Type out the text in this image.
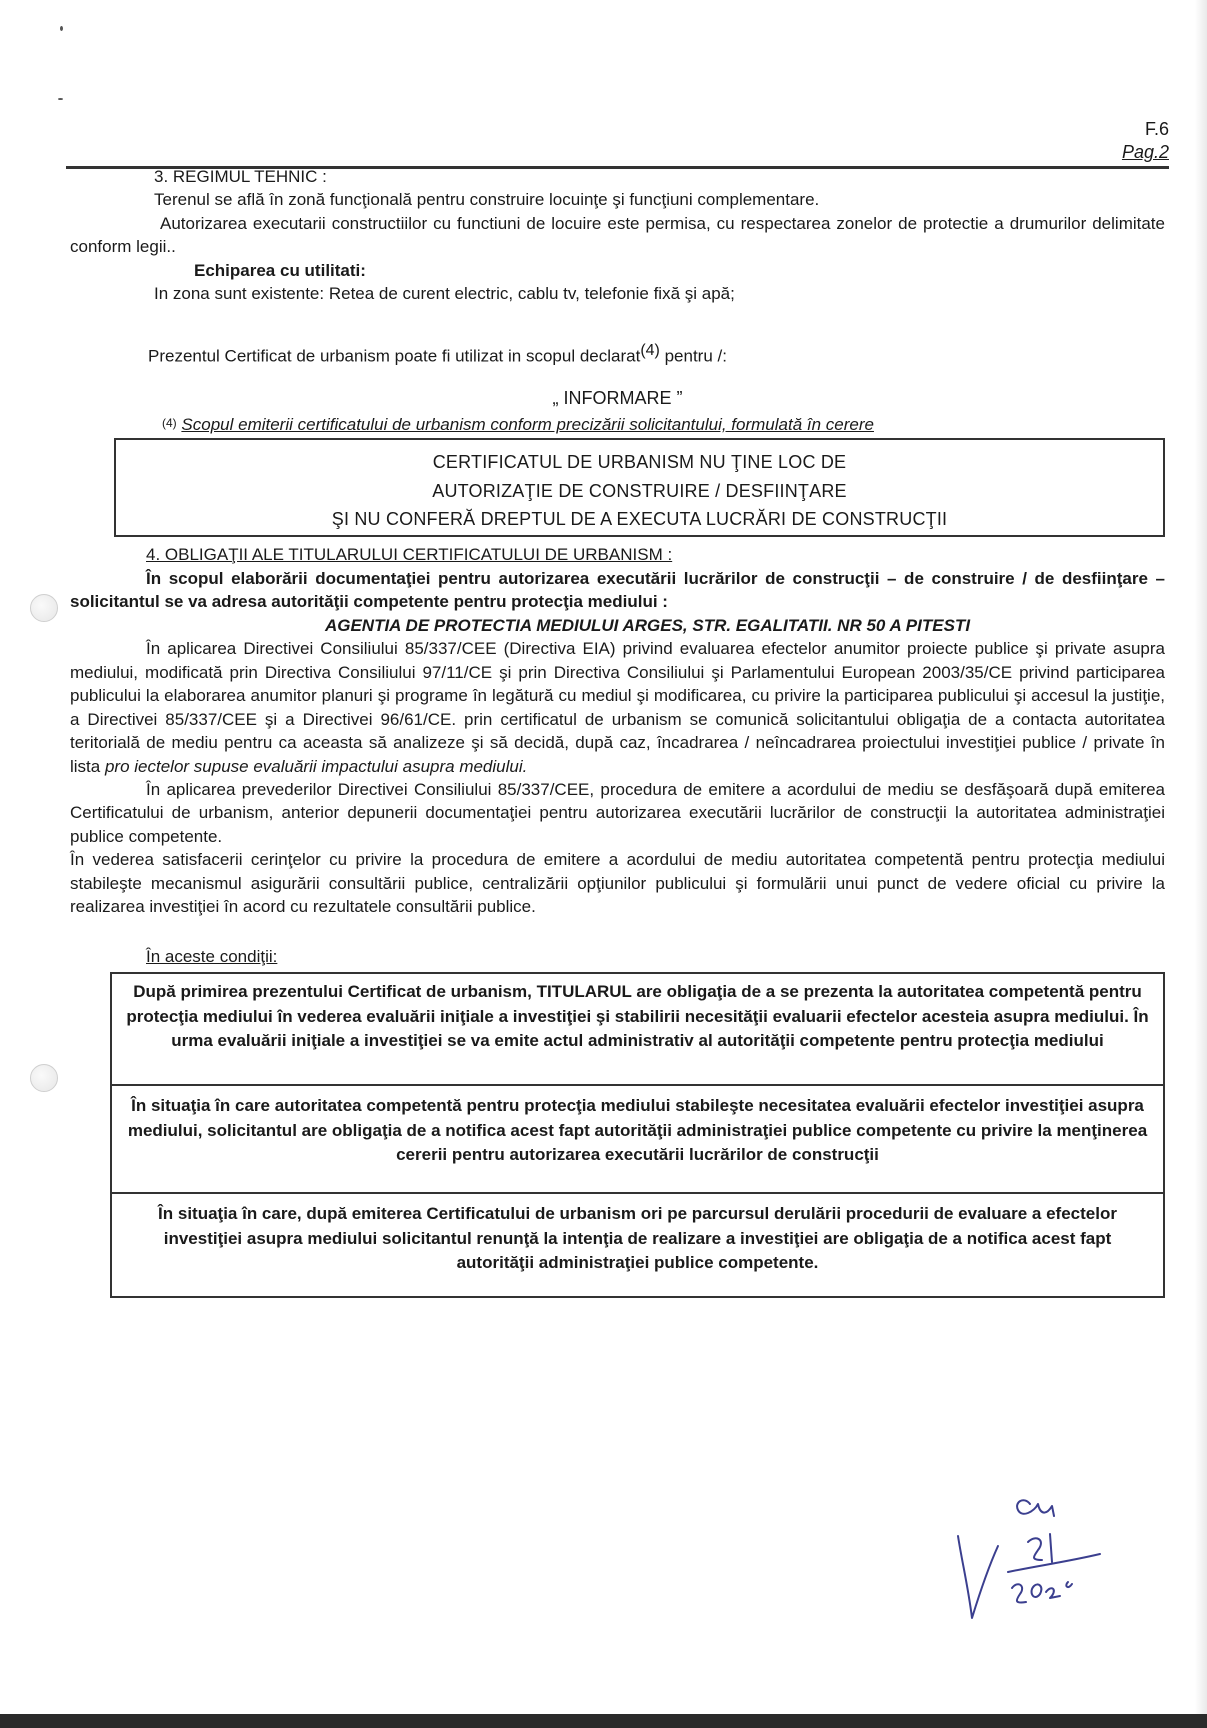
F.6
Pag.2

3. REGIMUL TEHNIC :

Terenul se află în zonă funcţională pentru construire locuinţe şi funcţiuni complementare.

Autorizarea executarii constructiilor cu functiuni de locuire este permisa, cu respectarea zonelor de protectie a drumurilor delimitate conform legii..

Echiparea cu utilitati:

In zona sunt existente: Retea de curent electric, cablu tv, telefonie fixă şi apă;

Prezentul Certificat de urbanism poate fi utilizat in scopul declarat$^{(4)}$ pentru /:

„ INFORMARE ”

(4) Scopul emiterii certificatului de urbanism conform precizării solicitantului, formulată în cerere

CERTIFICATUL DE URBANISM NU ŢINE LOC DE
AUTORIZAŢIE DE CONSTRUIRE / DESFIINŢARE
ŞI NU CONFERĂ DREPTUL DE A EXECUTA LUCRĂRI DE CONSTRUCŢII

4. OBLIGAŢII ALE TITULARULUI CERTIFICATULUI DE URBANISM :

În scopul elaborării documentaţiei pentru autorizarea executării lucrărilor de construcţii – de construire / de desfiinţare – solicitantul se va adresa autorităţii competente pentru protecţia mediului :

AGENTIA DE PROTECTIA MEDIULUI ARGES, STR. EGALITATII. NR 50 A PITESTI

În aplicarea Directivei Consiliului 85/337/CEE (Directiva EIA) privind evaluarea efectelor anumitor proiecte publice şi private asupra mediului, modificată prin Directiva Consiliului 97/11/CE şi prin Directiva Consiliului şi Parlamentului European 2003/35/CE privind participarea publicului la elaborarea anumitor planuri şi programe în legătură cu mediul şi modificarea, cu privire la participarea publicului şi accesul la justiţie, a Directivei 85/337/CEE şi a Directivei 96/61/CE. prin certificatul de urbanism se comunică solicitantului obligaţia de a contacta autoritatea teritorială de mediu pentru ca aceasta să analizeze şi să decidă, după caz, încadrarea / neîncadrarea proiectului investiţiei publice / private în lista pro iectelor supuse evaluării impactului asupra mediului.

În aplicarea prevederilor Directivei Consiliului 85/337/CEE, procedura de emitere a acordului de mediu se desfăşoară după emiterea Certificatului de urbanism, anterior depunerii documentaţiei pentru autorizarea executării lucrărilor de construcţii la autoritatea administraţiei publice competente.

În vederea satisfacerii cerinţelor cu privire la procedura de emitere a acordului de mediu autoritatea competentă pentru protecţia mediului stabileşte mecanismul asigurării consultării publice, centralizării opţiunilor publicului şi formulării unui punct de vedere oficial cu privire la realizarea investiţiei în acord cu rezultatele consultării publice.

În aceste condiţii:

După primirea prezentului Certificat de urbanism, TITULARUL are obligaţia de a se prezenta la autoritatea competentă pentru protecţia mediului în vederea evaluării iniţiale a investiţiei şi stabilirii necesităţii evaluarii efectelor acesteia asupra mediului. În urma evaluării iniţiale a investiţiei se va emite actul administrativ al autorităţii competente pentru protecţia mediului
În situaţia în care autoritatea competentă pentru protecţia mediului stabileşte necesitatea evaluării efectelor investiţiei asupra mediului, solicitantul are obligaţia de a notifica acest fapt autorităţii administraţiei publice competente cu privire la menţinerea cererii pentru autorizarea executării lucrărilor de construcţii
În situaţia în care, după emiterea Certificatului de urbanism ori pe parcursul derulării procedurii de evaluare a efectelor investiţiei asupra mediului solicitantul renunţă la intenţia de realizare a investiţiei are obligaţia de a notifica acest fapt autorităţii administraţiei publice competente.
